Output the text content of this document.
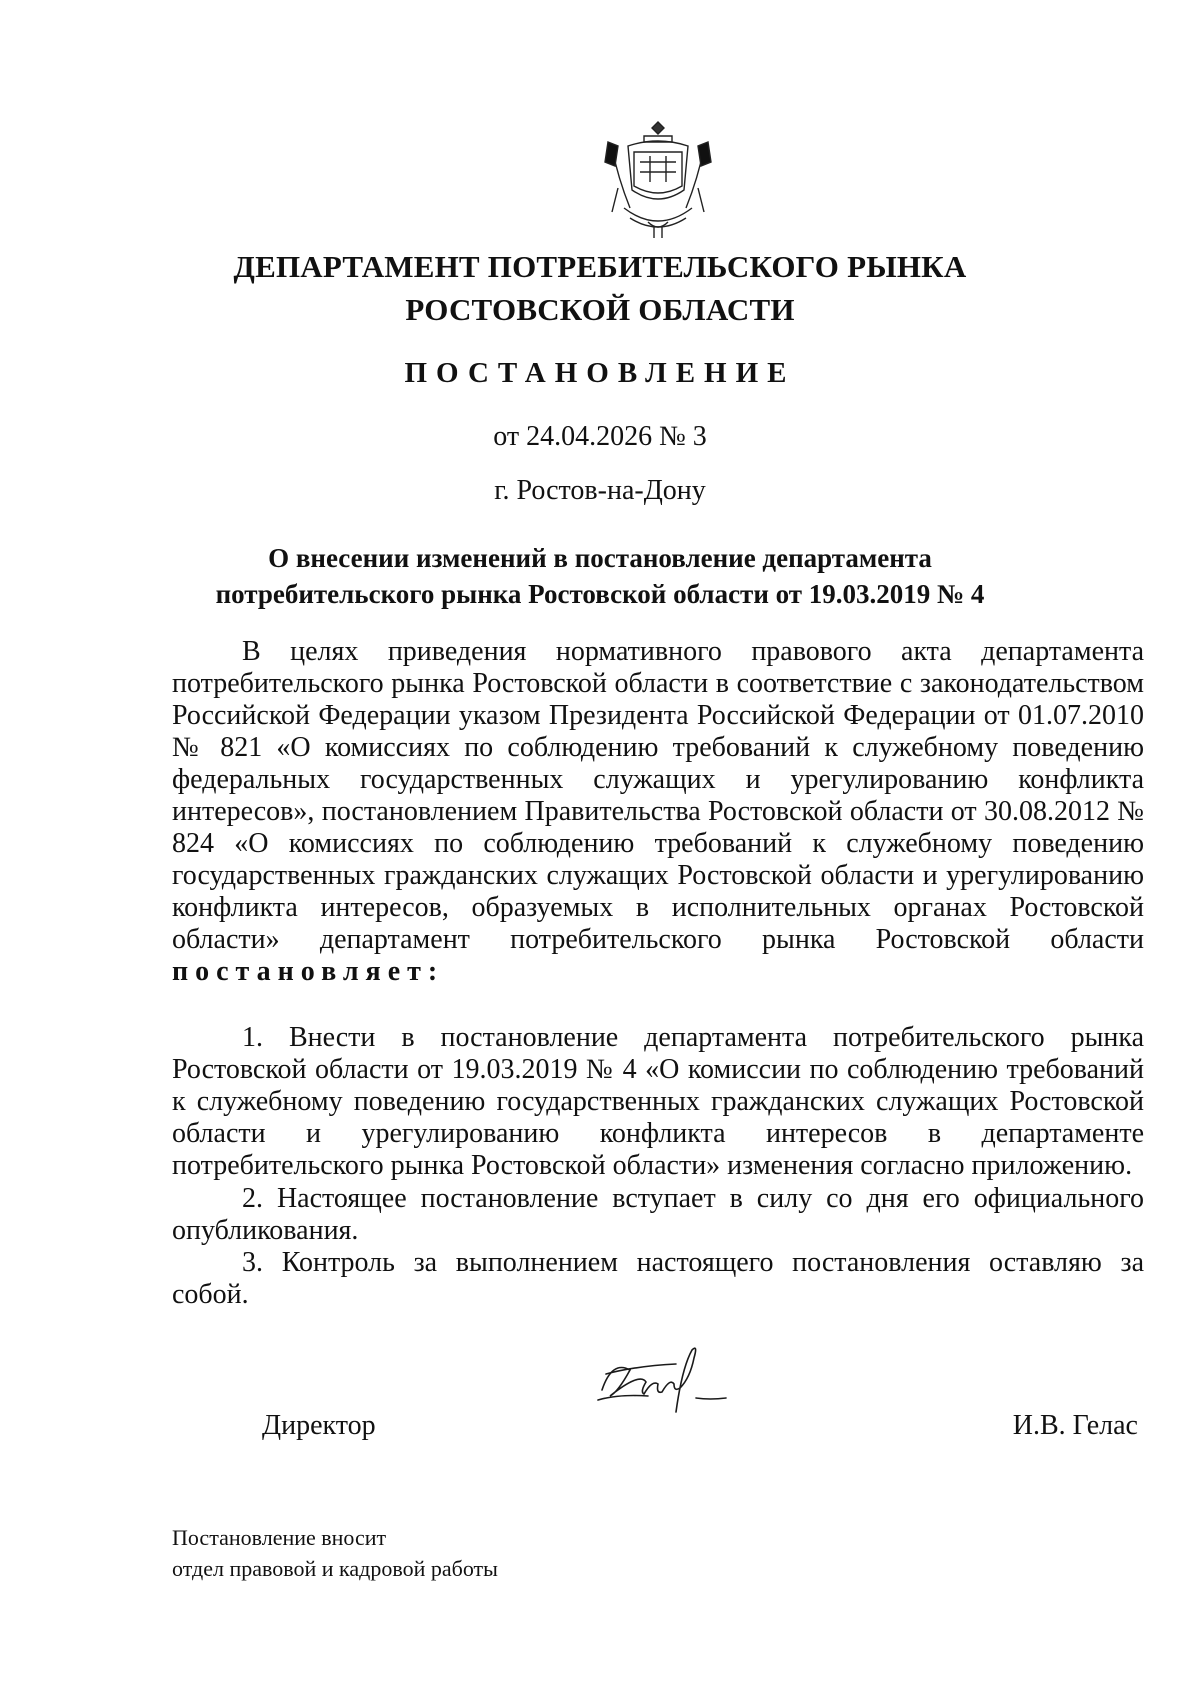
ДЕПАРТАМЕНТ ПОТРЕБИТЕЛЬСКОГО РЫНКА
РОСТОВСКОЙ ОБЛАСТИ
ПОСТАНОВЛЕНИЕ
от 24.04.2026 № 3
г. Ростов-на-Дону
О внесении изменений в постановление департамента
потребительского рынка Ростовской области от 19.03.2019 № 4
В целях приведения нормативного правового акта департамента потребительского рынка Ростовской области в соответствие с законодательством Российской Федерации указом Президента Российской Федерации от 01.07.2010 № 821 «О комиссиях по соблюдению требований к служебному поведению федеральных государственных служащих и урегулированию конфликта интересов», постановлением Правительства Ростовской области от 30.08.2012 № 824 «О комиссиях по соблюдению требований к служебному поведению государственных гражданских служащих Ростовской области и урегулированию конфликта интересов, образуемых в исполнительных органах Ростовской области» департамент потребительского рынка Ростовской области постановляет:
1. Внести в постановление департамента потребительского рынка Ростовской области от 19.03.2019 № 4 «О комиссии по соблюдению требований к служебному поведению государственных гражданских служащих Ростовской области и урегулированию конфликта интересов в департаменте потребительского рынка Ростовской области» изменения согласно приложению.
2. Настоящее постановление вступает в силу со дня его официального опубликования.
3. Контроль за выполнением настоящего постановления оставляю за собой.
Директор	И.В. Гелас
Постановление вносит
отдел правовой и кадровой работы
